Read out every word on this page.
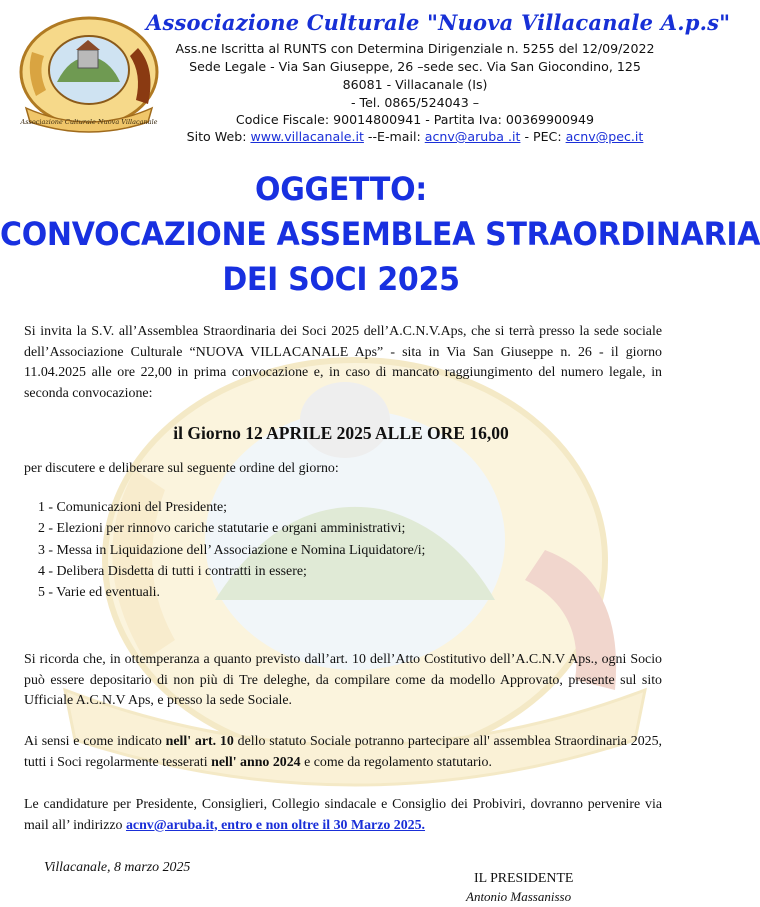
Associazione Culturale Nuova Villacanale
Associazione Culturale "Nuova Villacanale A.p.s"
Ass.ne Iscritta al RUNTS con Determina Dirigenziale n. 5255 del 12/09/2022
Sede Legale - Via San Giuseppe, 26 –sede sec. Via San Giocondino, 125
86081 - Villacanale (Is)
- Tel. 0865/524043 –
Codice Fiscale: 90014800941 - Partita Iva: 00369900949
Sito Web: www.villacanale.it --E-mail: acnv@aruba .it - PEC: acnv@pec.it
OGGETTO:
CONVOCAZIONE ASSEMBLEA STRAORDINARIA
DEI SOCI 2025
Si invita la S.V. all’Assemblea Straordinaria dei Soci 2025 dell’A.C.N.V.Aps, che si terrà presso la sede sociale dell’Associazione Culturale “NUOVA VILLACANALE Aps” - sita in Via San Giuseppe n. 26 - il giorno 11.04.2025 alle ore 22,00 in prima convocazione e, in caso di mancato raggiungimento del numero legale, in seconda convocazione:
il Giorno 12 APRILE 2025 ALLE ORE 16,00
per discutere e deliberare sul seguente ordine del giorno:
1 - Comunicazioni del Presidente;
2 - Elezioni per rinnovo cariche statutarie e organi amministrativi;
3 - Messa in Liquidazione dell’ Associazione e Nomina Liquidatore/i;
4 - Delibera Disdetta di tutti i contratti in essere;
5 - Varie ed eventuali.
Si ricorda che, in ottemperanza a quanto previsto dall’art. 10 dell’Atto Costitutivo dell’A.C.N.V Aps., ogni Socio può essere depositario di non più di Tre deleghe, da compilare come da modello Approvato, presente sul sito Ufficiale A.C.N.V Aps, e presso la sede Sociale.
Ai sensi e come indicato nell' art. 10 dello statuto Sociale potranno partecipare all' assemblea Straordinaria 2025, tutti i Soci regolarmente tesserati nell' anno 2024 e come da regolamento statutario.
Le candidature per Presidente, Consiglieri, Collegio sindacale e Consiglio dei Probiviri, dovranno pervenire via mail all’ indirizzo acnv@aruba.it, entro e non oltre il 30 Marzo 2025.
Villacanale, 8 marzo 2025
IL PRESIDENTE
Antonio Massanisso
